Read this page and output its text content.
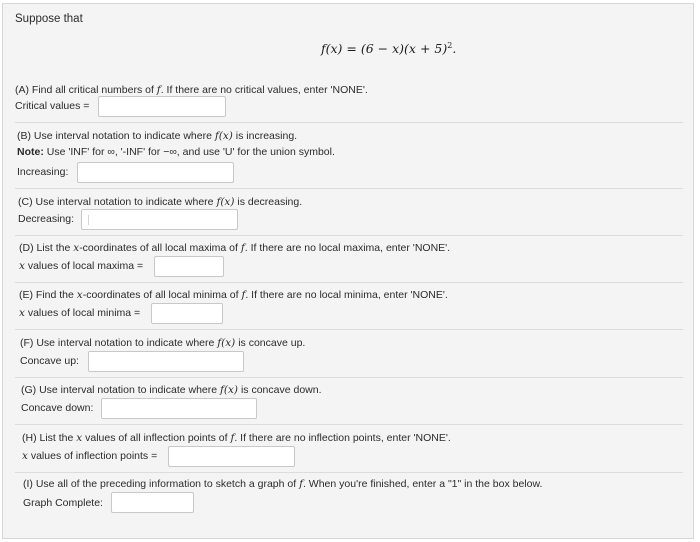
Suppose that
$f(x) = (6 - x)(x + 5)^2$.
(A) Find all critical numbers of f. If there are no critical values, enter 'NONE'.
Critical values =
(B) Use interval notation to indicate where f(x) is increasing.
Note: Use 'INF' for ∞, '-INF' for −∞, and use 'U' for the union symbol.
Increasing:
(C) Use interval notation to indicate where f(x) is decreasing.
Decreasing:
(D) List the x-coordinates of all local maxima of f. If there are no local maxima, enter 'NONE'.
x values of local maxima =
(E) Find the x-coordinates of all local minima of f. If there are no local minima, enter 'NONE'.
x values of local minima =
(F) Use interval notation to indicate where f(x) is concave up.
Concave up:
(G) Use interval notation to indicate where f(x) is concave down.
Concave down:
(H) List the x values of all inflection points of f. If there are no inflection points, enter 'NONE'.
x values of inflection points =
(I) Use all of the preceding information to sketch a graph of f. When you're finished, enter a "1" in the box below.
Graph Complete:
